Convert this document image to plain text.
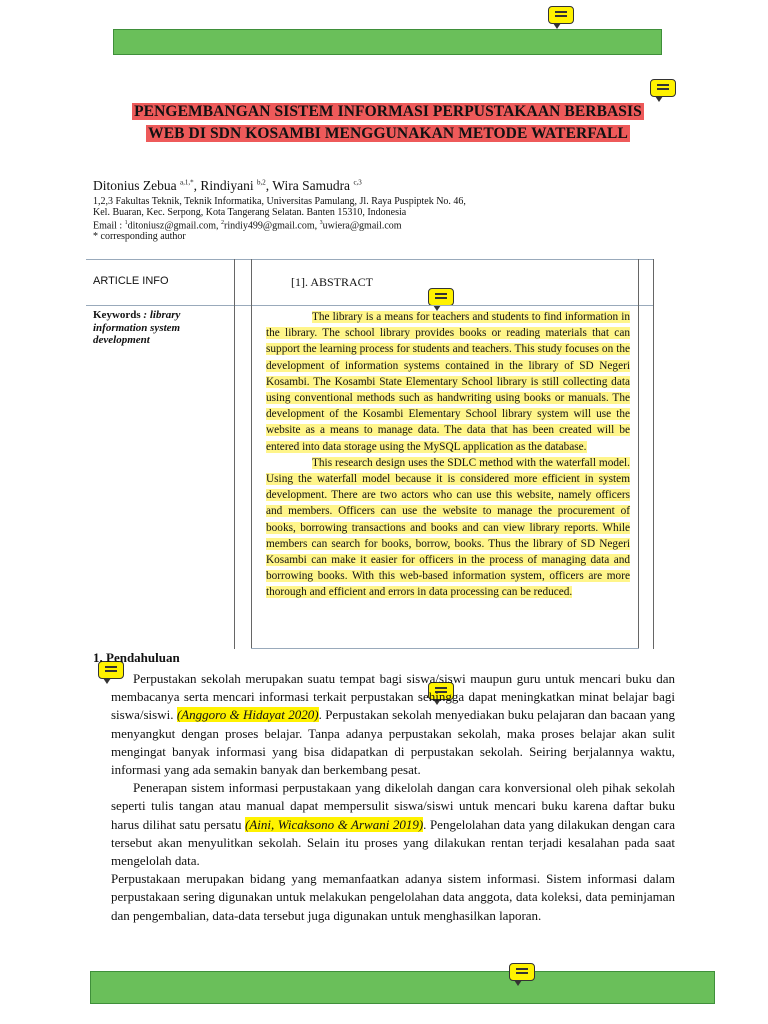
PENGEMBANGAN SISTEM INFORMASI PERPUSTAKAAN BERBASIS
WEB DI SDN KOSAMBI MENGGUNAKAN METODE WATERFALL
Ditonius Zebua $^{a,1,*}$, Rindiyani $^{b,2}$, Wira Samudra $^{c,3}$
1,2,3 Fakultas Teknik, Teknik Informatika, Universitas Pamulang, Jl. Raya Puspiptek No. 46,
Kel. Buaran, Kec. Serpong, Kota Tangerang Selatan. Banten 15310, Indonesia
Email : $^1$ditoniusz@gmail.com, $^2$rindiy499@gmail.com, $^3$uwiera@gmail.com
* corresponding author
ARTICLE INFO	[1]. ABSTRACT
Keywords : library information system development

The library is a means for teachers and students to find information in the library. The school library provides books or reading materials that can support the learning process for students and teachers. This study focuses on the development of information systems contained in the library of SD Negeri Kosambi. The Kosambi State Elementary School library is still collecting data using conventional methods such as handwriting using books or manuals. The development of the Kosambi Elementary School library system will use the website as a means to manage data. The data that has been created will be entered into data storage using the MySQL application as the database.

This research design uses the SDLC method with the waterfall model. Using the waterfall model because it is considered more efficient in system development. There are two actors who can use this website, namely officers and members. Officers can use the website to manage the procurement of books, borrowing transactions and books and can view library reports. While members can search for books, borrow, books. Thus the library of SD Negeri Kosambi can make it easier for officers in the process of managing data and borrowing books. With this web-based information system, officers are more thorough and efficient and errors in data processing can be reduced.

1. Pendahuluan

Perpustakan sekolah merupakan suatu tempat bagi siswa/siswi maupun guru untuk mencari buku dan membacanya serta mencari informasi terkait perpustakan sehingga dapat meningkatkan minat belajar bagi siswa/siswi. (Anggoro & Hidayat 2020). Perpustakan sekolah menyediakan buku pelajaran dan bacaan yang menyangkut dengan proses belajar. Tanpa adanya perpustakan sekolah, maka proses belajar akan sulit mengingat banyak informasi yang bisa didapatkan di perpustakan sekolah. Seiring berjalannya waktu, informasi yang ada semakin banyak dan berkembang pesat.

Penerapan sistem informasi perpustakaan yang dikelolah dangan cara konversional oleh pihak sekolah seperti tulis tangan atau manual dapat mempersulit siswa/siswi untuk mencari buku karena daftar buku harus dilihat satu persatu (Aini, Wicaksono & Arwani 2019). Pengelolahan data yang dilakukan dengan cara tersebut akan menyulitkan sekolah. Selain itu proses yang dilakukan rentan terjadi kesalahan pada saat mengelolah data.

Perpustakaan merupakan bidang yang memanfaatkan adanya sistem informasi. Sistem informasi dalam perpustakaan sering digunakan untuk melakukan pengelolahan data anggota, data koleksi, data peminjaman dan pengembalian, data-data tersebut juga digunakan untuk menghasilkan laporan.
